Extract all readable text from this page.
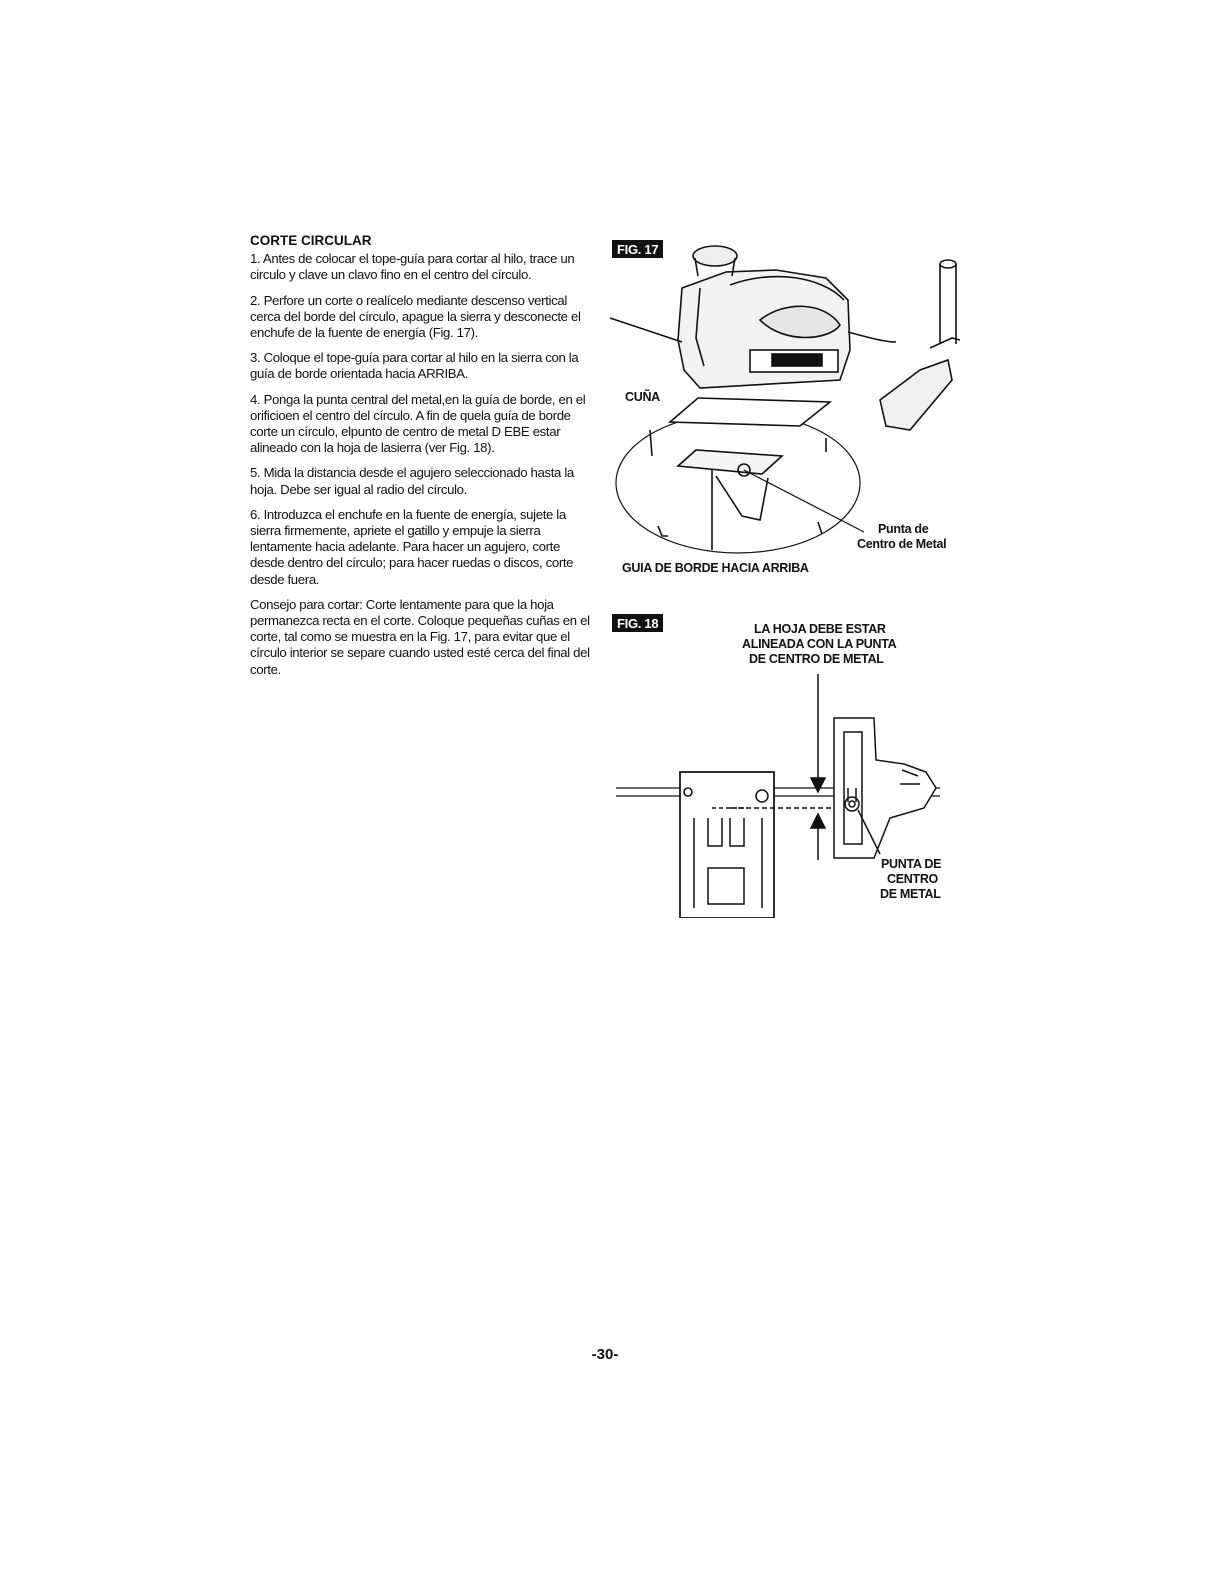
CORTE CIRCULAR

1. Antes de colocar el tope-guía para cortar al hilo, trace un circulo y clave un clavo fino en el centro del círculo.

2. Perfore un corte o realícelo mediante descenso vertical cerca del borde del círculo, apague la sierra y desconecte el enchufe de la fuente de energía (Fig. 17).

3. Coloque el tope-guía para cortar al hilo en la sierra con la guía de borde orientada hacia ARRIBA.

4. Ponga la punta central del metal,en la guía de borde, en el orificioen el centro del círculo. A fin de quela guía de borde corte un círculo, elpunto de centro de metal D EBE estar alineado con la hoja de lasierra (ver Fig. 18).

5. Mida la distancia desde el agujero seleccionado hasta la hoja. Debe ser igual al radio del círculo.

6. Introduzca el enchufe en la fuente de energía, sujete la sierra firmemente, apriete el gatillo y empuje la sierra lentamente hacia adelante. Para hacer un agujero, corte desde dentro del círculo; para hacer ruedas o discos, corte desde fuera.

Consejo para cortar: Corte lentamente para que la hoja permanezca recta en el corte. Coloque pequeñas cuñas en el corte, tal como se muestra en la Fig. 17, para evitar que el círculo interior se separe cuando usted esté cerca del final del corte.

FIG. 17
CUÑA
Punta de
Centro de Metal
GUIA DE BORDE HACIA ARRIBA
FIG. 18	LA HOJA DEBE ESTAR
ALINEADA CON LA PUNTA
DE CENTRO DE METAL
PUNTA DE
CENTRO
DE METAL
-30-
